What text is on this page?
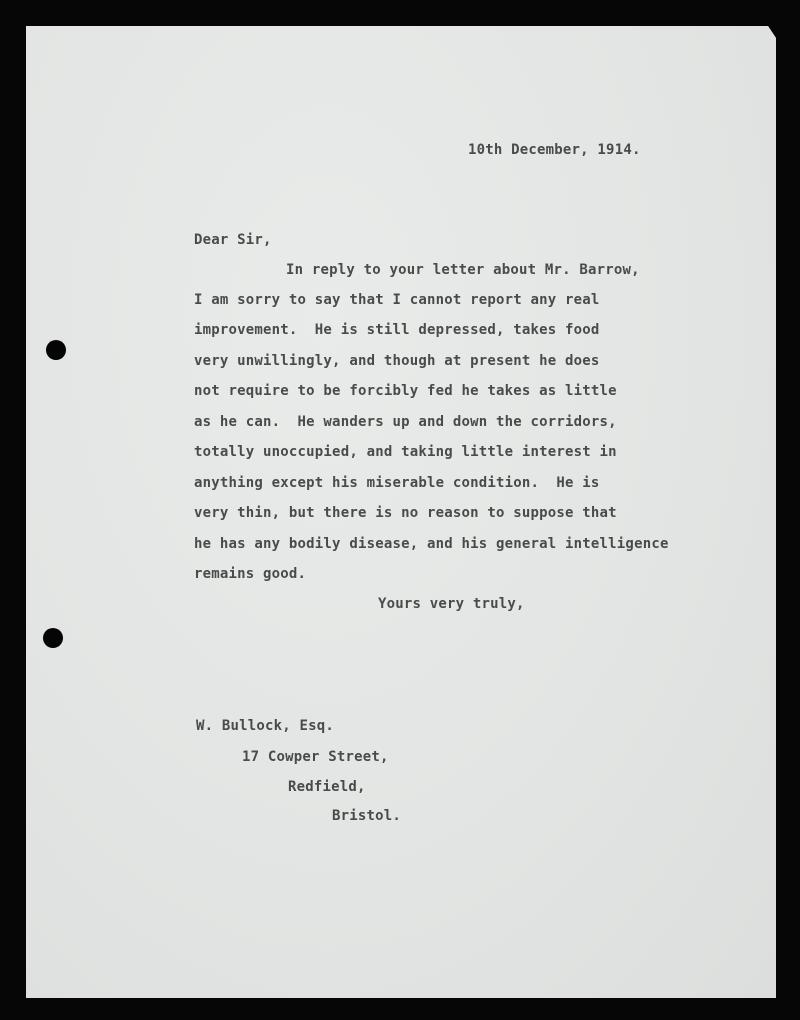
10th December, 1914.
Dear Sir,
In reply to your letter about Mr. Barrow,
I am sorry to say that I cannot report any real
improvement.  He is still depressed, takes food
very unwillingly, and though at present he does
not require to be forcibly fed he takes as little
as he can.  He wanders up and down the corridors,
totally unoccupied, and taking little interest in
anything except his miserable condition.  He is
very thin, but there is no reason to suppose that
he has any bodily disease, and his general intelligence
remains good.
Yours very truly,
W. Bullock, Esq.
17 Cowper Street,
Redfield,
Bristol.
